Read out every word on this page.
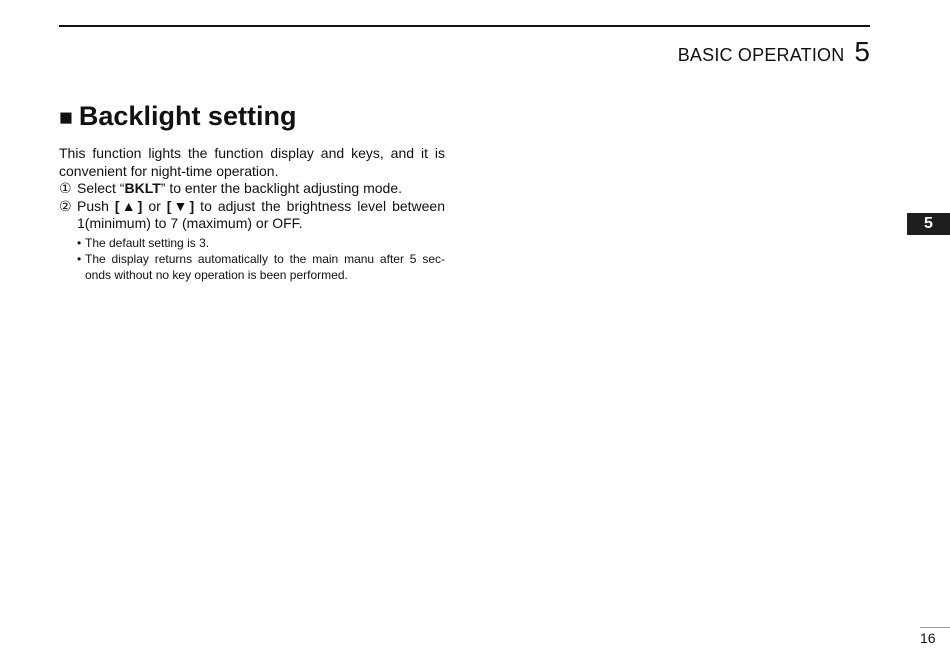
BASIC OPERATION 5
5
■ Backlight setting

This function lights the function display and keys, and it is convenient for night-time operation.

① Select “BKLT” to enter the backlight adjusting mode.
② Push [▲] or [▼] to adjust the brightness level between 1(minimum) to 7 (maximum) or OFF.
• The default setting is 3.
• The display returns automatically to the main manu after 5 sec-onds without no key operation is been performed.
16
